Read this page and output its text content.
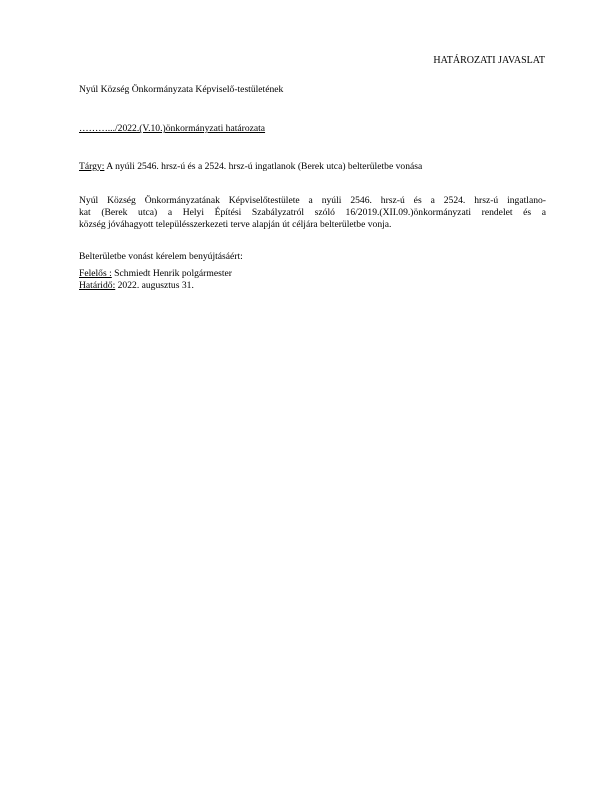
HATÁROZATI JAVASLAT
Nyúl Község Önkormányzata Képviselő-testületének
……….../2022.(V.10.)önkormányzati határozata
Tárgy: A nyúli 2546. hrsz-ú és a 2524. hrsz-ú ingatlanok (Berek utca) belterületbe vonása
Nyúl Község Önkormányzatának Képviselőtestülete a nyúli 2546. hrsz-ú és a 2524. hrsz-ú ingatlano-
kat (Berek utca) a Helyi Építési Szabályzatról szóló 16/2019.(XII.09.)önkormányzati rendelet és a
község jóváhagyott településszerkezeti terve alapján út céljára belterületbe vonja.
Belterületbe vonást kérelem benyújtásáért:
Felelős : Schmiedt Henrik polgármester
Határidő: 2022. augusztus 31.
